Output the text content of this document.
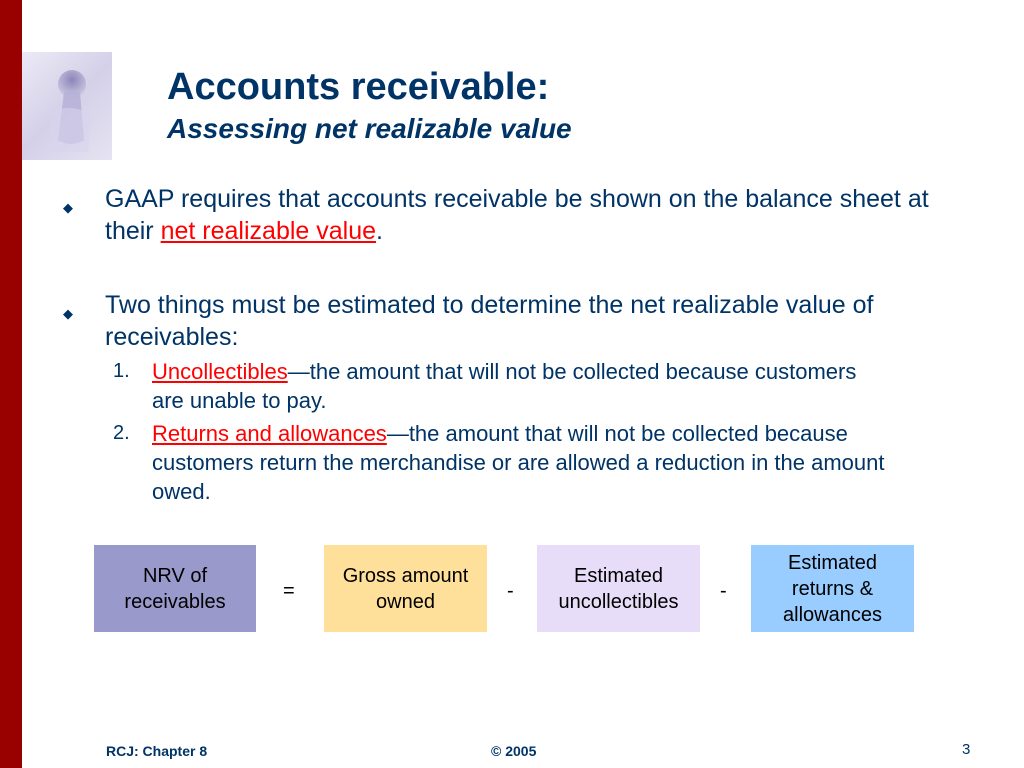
Accounts receivable:
Assessing net realizable value
◆ GAAP requires that accounts receivable be shown on the balance sheet at their net realizable value.
◆ Two things must be estimated to determine the net realizable value of receivables:
1. Uncollectibles—the amount that will not be collected because customers are unable to pay.
2. Returns and allowances—the amount that will not be collected because customers return the merchandise or are allowed a reduction in the amount owed.
NRV of receivables	=
Gross amount owned	-
Estimated uncollectibles	-
Estimated returns & allowances
RCJ: Chapter 8	© 2005	3
